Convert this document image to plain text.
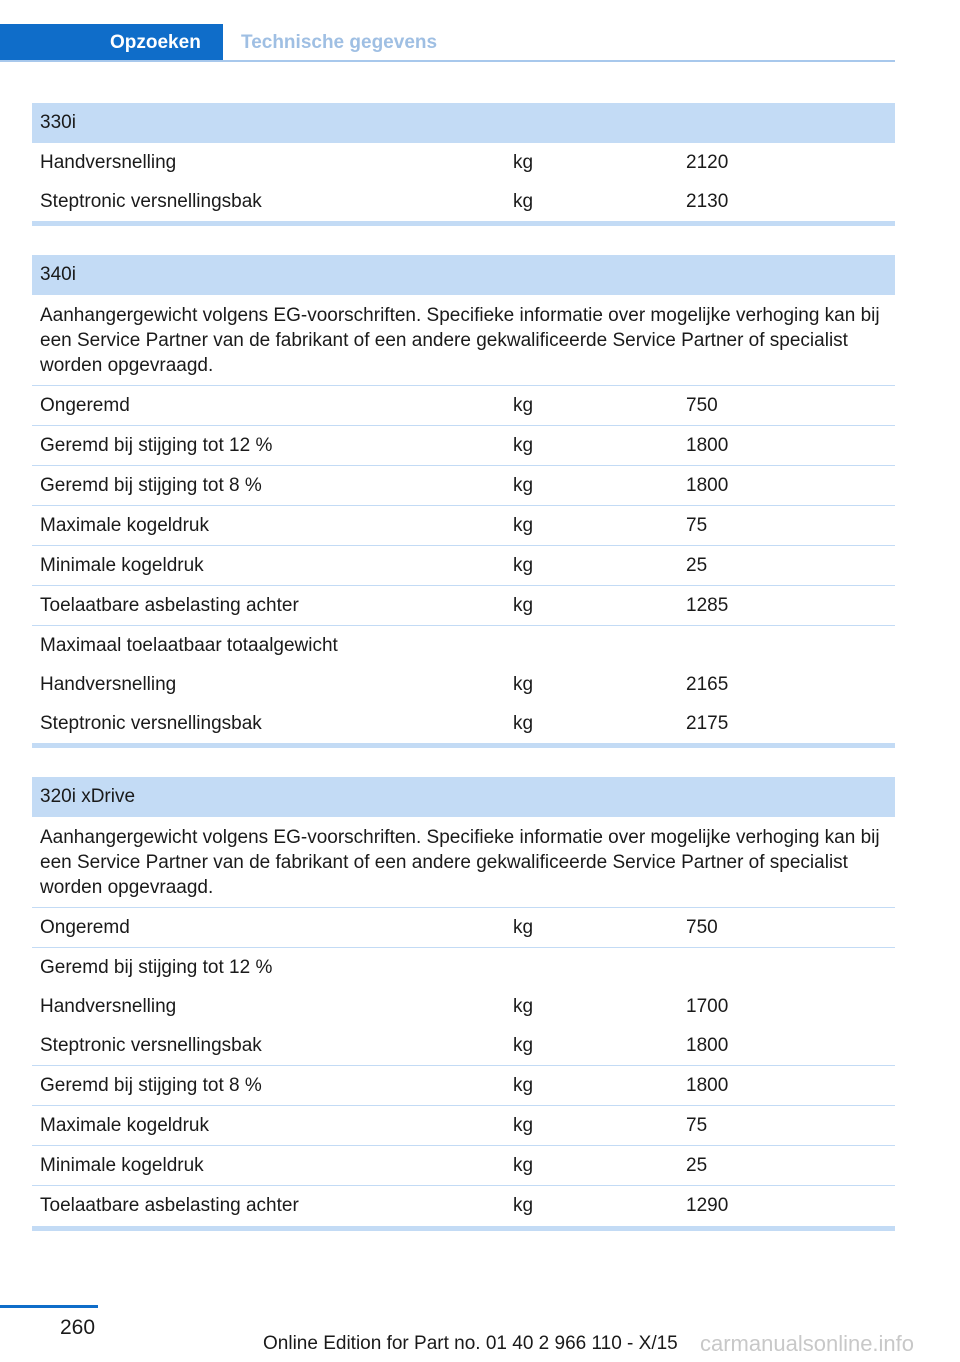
Opzoeken	Technische gegevens
330i
Handversnelling	kg	2120
Steptronic versnellingsbak	kg	2130
340i
Aanhangergewicht volgens EG-voorschriften. Specifieke informatie over mogelijke verhoging kan bij een Service Partner van de fabrikant of een andere gekwalificeerde Service Partner of specialist worden opgevraagd.
Ongeremd	kg	750
Geremd bij stijging tot 12 %	kg	1800
Geremd bij stijging tot 8 %	kg	1800
Maximale kogeldruk	kg	75
Minimale kogeldruk	kg	25
Toelaatbare asbelasting achter	kg	1285
Maximaal toelaatbaar totaalgewicht
Handversnelling	kg	2165
Steptronic versnellingsbak	kg	2175
320i xDrive
Aanhangergewicht volgens EG-voorschriften. Specifieke informatie over mogelijke verhoging kan bij een Service Partner van de fabrikant of een andere gekwalificeerde Service Partner of specialist worden opgevraagd.
Ongeremd	kg	750
Geremd bij stijging tot 12 %
Handversnelling	kg	1700
Steptronic versnellingsbak	kg	1800
Geremd bij stijging tot 8 %	kg	1800
Maximale kogeldruk	kg	75
Minimale kogeldruk	kg	25
Toelaatbare asbelasting achter	kg	1290
260
Online Edition for Part no. 01 40 2 966 110 - X/15 carmanualsonline.info
